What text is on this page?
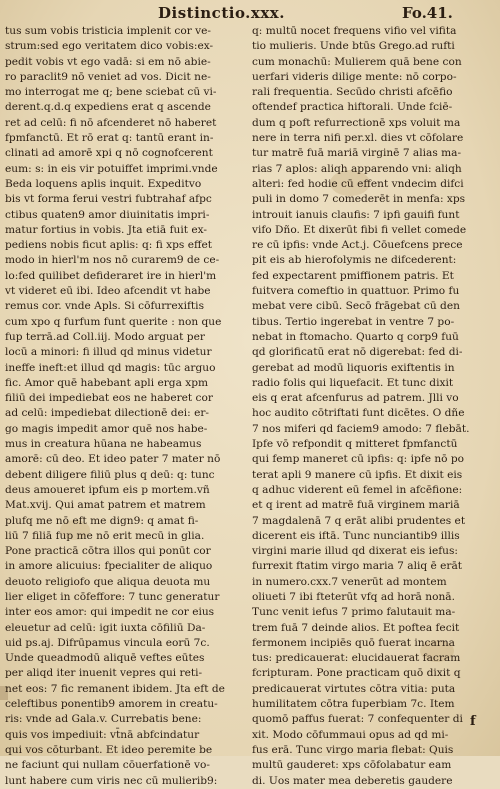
Distinctio.xxx.	Fo.41.
tus sum vobis tristicia implenit cor ve-
strum:sed ego veritatem dico vobis:ex-
pedit vobis vt ego vadā: si em nō abie-
ro paraclit9 nō veniet ad vos. Dicit ne-
mo interrogat me q; bene sciebat cū vi-
derent.q.d.q expediens erat q ascende
ret ad celū: fi nō afcenderet nō haberet
fpmfanctū. Et rō erat q: tantū erant in-
clinati ad amorē xpi q nō cognofcerent
eum: s: in eis vir potuiffet imprimi.vnde
Beda loquens aplis inquit. Expeditvo
bis vt forma ferui vestri fubtrahaf afpc
ctibus quaten9 amor diuinitatis impri-
matur fortius in vobis. Jta etiā fuit ex-
pediens nobis ficut aplis: q: fi xps effet
modo in hierl'm nos nō curarem9 de ce-
lo:fed quilibet defideraret ire in hierl'm
vt videret eū ibi. Ideo afcendit vt habe
remus cor. vnde Apls. Si cōfurrexiftis
cum xpo q furfum funt querite : non que
fup terrā.ad Coll.iij. Modo arguat per
locū a minori: fi illud qd minus videtur
ineffe ineft:et illud qd magis: tūc arguo
fic. Amor quē habebant apli erga xpm
filiū dei impediebat eos ne haberet cor
ad celū: impediebat dilectionē dei: er-
go magis impedit amor quē nos habe-
mus in creatura hūana ne habeamus
amorē: cū deo. Et ideo pater 7 mater nō
debent diligere filiū plus q deū: q: tunc
deus amoueret ipfum eis p mortem.vñ
Mat.xvij. Qui amat patrem et matrem
plufq me nō eft me dign9: q amat fi-
liū 7 filiā fup me nō erit mecū in glia.
Pone practicā cōtra illos qui ponūt cor
in amore alicuius: fpecialiter de aliquo
deuoto religiofo que aliqua deuota mu
lier eliget in cōfeffore: 7 tunc generatur
inter eos amor: qui impedit ne cor eius
eleuetur ad celū: igit iuxta cōfiliū Da-
uid ps.aj. Difrūpamus vincula eorū 7c.
Unde queadmodū aliquē veftes eūtes
per aliqd iter inuenit vepres qui reti-
net eos: 7 fic remanent ibidem. Jta eft de
celeftibus ponentib9 amorem in creatu-
ris: vnde ad Gala.v. Currebatis bene:
quis vos impediuit: vt̄nā abfcindatur
qui vos cōturbant. Et ideo peremite be
ne faciunt qui nullam cōuerfationē vo-
lunt habere cum viris nec cū mulierib9:
q: multū nocet frequens vifio vel vifita
tio mulieris. Unde btūs Grego.ad rufti
cum monachū: Mulierem quā bene con
uerfari videris dilige mente: nō corpo-
rali frequentia. Secūdo christi afcēfio
oftendef practica hiftorali. Unde fciē-
dum q poft refurrectionē xps voluit ma
nere in terra nifi per.xl. dies vt cōfolare
tur matrē fuā mariā virginē 7 alias ma-
rias 7 aplos: aliqh apparendo vni: aliqh
alteri: fed hodie cū effent vndecim difci
puli in domo 7 comederēt in menfa: xps
introuit ianuis claufis: 7 ipfi gauifi funt
vifo Dño. Et dixerūt fibi fi vellet comede
re cū ipfis: vnde Act.j. Cōuefcens prece
pit eis ab hierofolymis ne difcederent:
fed expectarent pmiffionem patris. Et
fuitvera comeftio in quattuor. Primo fu
mebat vere cibū. Secō frāgebat cū den
tibus. Tertio ingerebat in ventre 7 po-
nebat in ftomacho. Quarto q corp9 fuū
qd glorificatū erat nō digerebat: fed di-
gerebat ad modū liquoris exiftentis in
radio folis qui liquefacit. Et tunc dixit
eis q erat afcenfurus ad patrem. Jlli vo
hoc audito cōtriftati funt dicētes. O dñe
7 nos miferi qd faciem9 amodo: 7 flebāt.
Ipfe vō refpondit q mitteret fpmfanctū
qui femp maneret cū ipfis: q: ipfe nō po
terat apli 9 manere cū ipfis. Et dixit eis
q adhuc viderent eū femel in afcēfione:
et q irent ad matrē fuā virginem mariā
7 magdalenā 7 q erāt alibi prudentes et
dicerent eis iftā. Tunc nunciantib9 illis
virgini marie illud qd dixerat eis iefus:
furrexit ftatim virgo maria 7 aliq ē erāt
in numero.cxx.7 venerūt ad montem
oliueti 7 ibi fteterūt vfq ad horā nonā.
Tunc venit iefus 7 primo falutauit ma-
trem fuā 7 deinde alios. Et poftea fecit
fermonem incipiēs quō fuerat incarna
tus: predicauerat: elucidauerat facram
fcripturam. Pone practicam quō dixit q
predicauerat virtutes cōtra vitia: puta
humilitatem cōtra fuperbiam 7c. Item
quomō paffus fuerat: 7 confequenter di
xit. Modo cōfummaui opus ad qd mi-
fus erā. Tunc virgo maria flebat: Quis
multū gauderet: xps cōfolabatur eam
di. Uos mater mea deberetis gaudere
f
